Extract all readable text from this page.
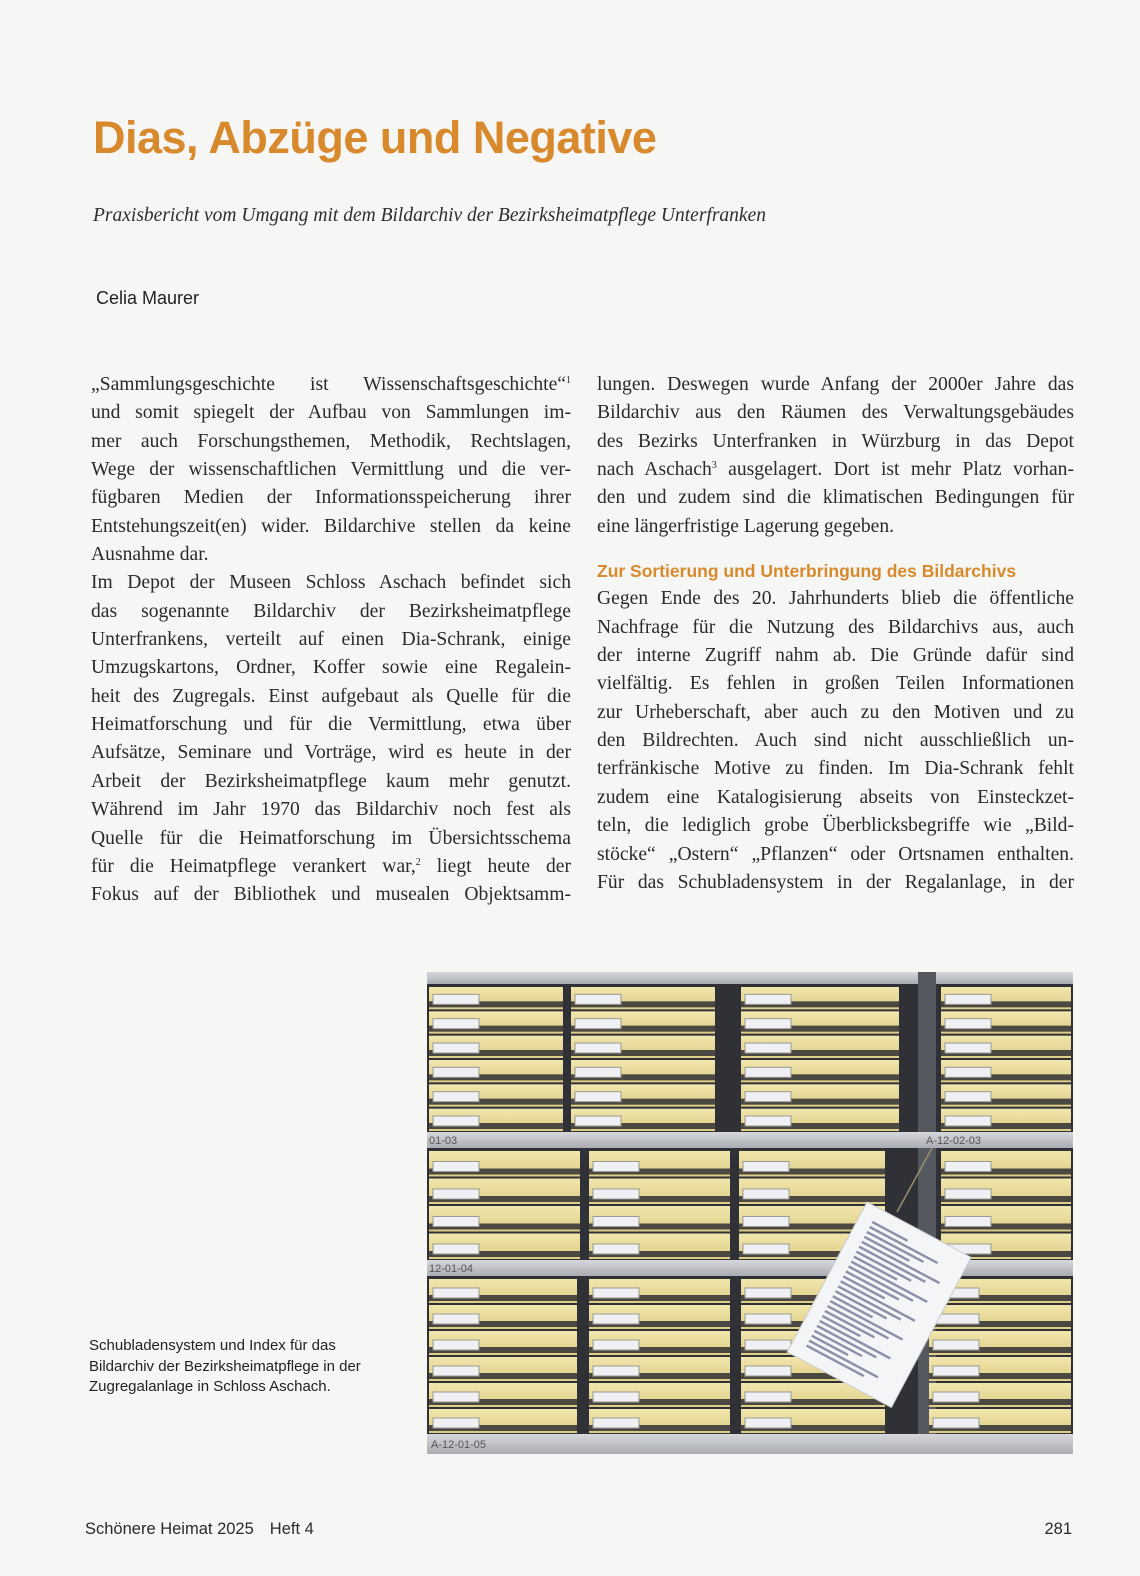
Dias, Abzüge und Negative
Praxisbericht vom Umgang mit dem Bildarchiv der Bezirksheimatpflege Unterfranken
Celia Maurer
„Sammlungsgeschichte ist Wissenschaftsgeschichte“$^1$
und somit spiegelt der Aufbau von Sammlungen im-
mer auch Forschungsthemen, Methodik, Rechtslagen,
Wege der wissenschaftlichen Vermittlung und die ver-
fügbaren Medien der Informationsspeicherung ihrer
Entstehungszeit(en) wider. Bildarchive stellen da keine
Ausnahme dar.
Im Depot der Museen Schloss Aschach befindet sich
das sogenannte Bildarchiv der Bezirksheimatpflege
Unterfrankens, verteilt auf einen Dia-Schrank, einige
Umzugskartons, Ordner, Koffer sowie eine Regalein-
heit des Zugregals. Einst aufgebaut als Quelle für die
Heimatforschung und für die Vermittlung, etwa über
Aufsätze, Seminare und Vorträge, wird es heute in der
Arbeit der Bezirksheimatpflege kaum mehr genutzt.
Während im Jahr 1970 das Bildarchiv noch fest als
Quelle für die Heimatforschung im Übersichtsschema
für die Heimatpflege verankert war,$^2$ liegt heute der
Fokus auf der Bibliothek und musealen Objektsamm-
lungen. Deswegen wurde Anfang der 2000er Jahre das
Bildarchiv aus den Räumen des Verwaltungsgebäudes
des Bezirks Unterfranken in Würzburg in das Depot
nach Aschach$^3$ ausgelagert. Dort ist mehr Platz vorhan-
den und zudem sind die klimatischen Bedingungen für
eine längerfristige Lagerung gegeben.
Zur Sortierung und Unterbringung des Bildarchivs
Gegen Ende des 20. Jahrhunderts blieb die öffentliche
Nachfrage für die Nutzung des Bildarchivs aus, auch
der interne Zugriff nahm ab. Die Gründe dafür sind
vielfältig. Es fehlen in großen Teilen Informationen
zur Urheberschaft, aber auch zu den Motiven und zu
den Bildrechten. Auch sind nicht ausschließlich un-
terfränkische Motive zu finden. Im Dia-Schrank fehlt
zudem eine Katalogisierung abseits von Einsteckzet-
teln, die lediglich grobe Überblicksbegriffe wie „Bild-
stöcke“ „Ostern“ „Pflanzen“ oder Ortsnamen enthalten.
Für das Schubladensystem in der Regalanlage, in der
01-03	A-12-02-03
12-01-04
A-12-01-05
Schubladensystem und Index für das
Bildarchiv der Bezirksheimatpflege in der
Zugregalanlage in Schloss Aschach.
Schönere Heimat 2025 Heft 4	281
